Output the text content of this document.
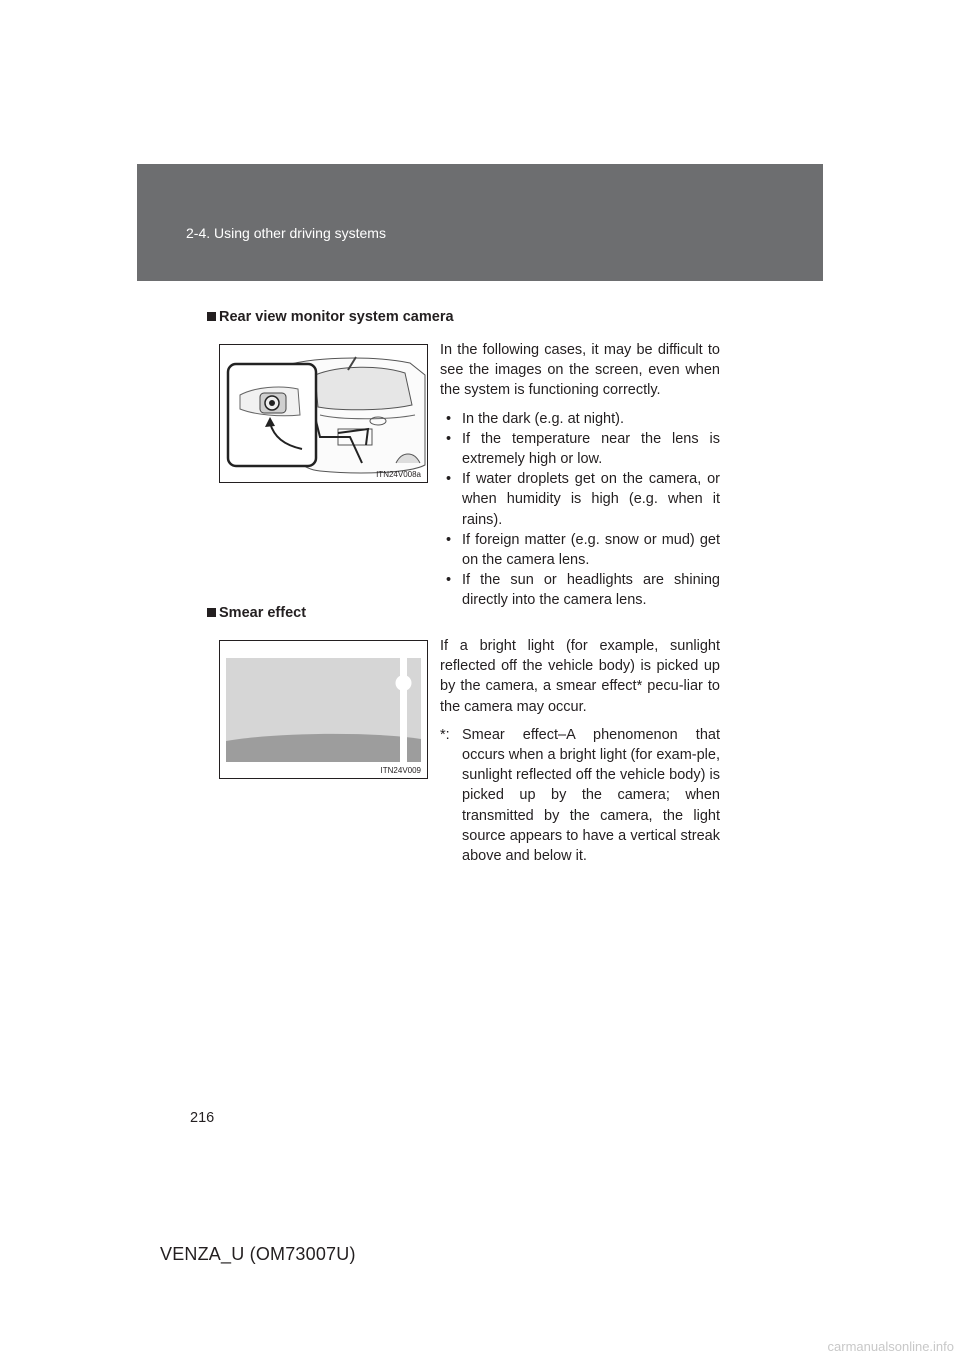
2-4. Using other driving systems
Rear view monitor system camera
ITN24V008a

In the following cases, it may be difficult to see the images on the screen, even when the system is functioning correctly.

• In the dark (e.g. at night).
• If the temperature near the lens is extremely high or low.
• If water droplets get on the camera, or when humidity is high (e.g. when it rains).
• If foreign matter (e.g. snow or mud) get on the camera lens.
• If the sun or headlights are shining directly into the camera lens.
Smear effect
ITN24V009

If a bright light (for example, sunlight reflected off the vehicle body) is picked up by the camera, a smear effect* pecu-liar to the camera may occur.

*: Smear effect–A phenomenon that occurs when a bright light (for exam-ple, sunlight reflected off the vehicle body) is picked up by the camera; when transmitted by the camera, the light source appears to have a vertical streak above and below it.
216
VENZA_U (OM73007U)
carmanualsonline.info
